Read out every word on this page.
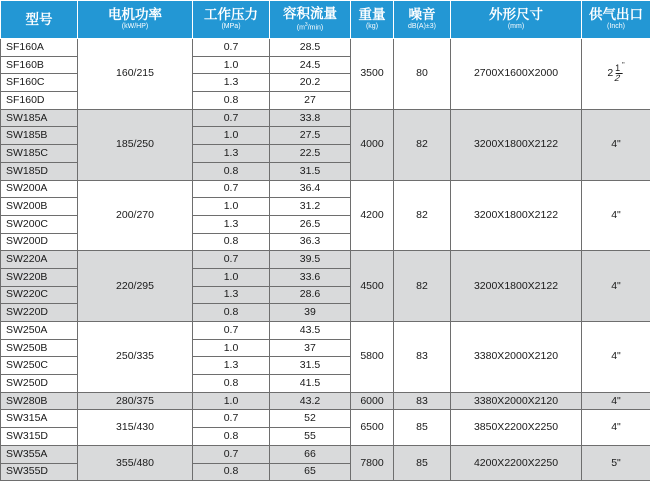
型号	电机功率
(kW/HP)	工作压力
(MPa)	容积流量
$(m^3/\min)$	重量
(kg)	噪音
dB(A)±3)	外形尺寸
(mm)	供气出口
(Inch)

SF160A	160/215	0.7	28.5	3500	80	2700X1600X2000	$2 \frac{1}{2}$ "

SF160B		1.0	24.5				
SF160C		1.3	20.2				
SF160D		0.8	27				
SW185A	185/250	0.7	33.8	4000	82	3200X1800X2122	4"
SW185B		1.0	27.5				
SW185C		1.3	22.5				
SW185D		0.8	31.5				
SW200A	200/270	0.7	36.4	4200	82	3200X1800X2122	4"
SW200B		1.0	31.2				
SW200C		1.3	26.5				
SW200D		0.8	36.3				
SW220A	220/295	0.7	39.5	4500	82	3200X1800X2122	4"
SW220B		1.0	33.6				
SW220C		1.3	28.6				
SW220D		0.8	39				
SW250A	250/335	0.7	43.5	5800	83	3380X2000X2120	4"
SW250B		1.0	37				
SW250C		1.3	31.5				
SW250D		0.8	41.5				
SW280B	280/375	1.0	43.2	6000	83	3380X2000X2120	4"
SW315A	315/430	0.7	52	6500	85	3850X2200X2250	4"
SW315D		0.8	55				
SW355A	355/480	0.7	66	7800	85	4200X2200X2250	5"
SW355D		0.8	65				
